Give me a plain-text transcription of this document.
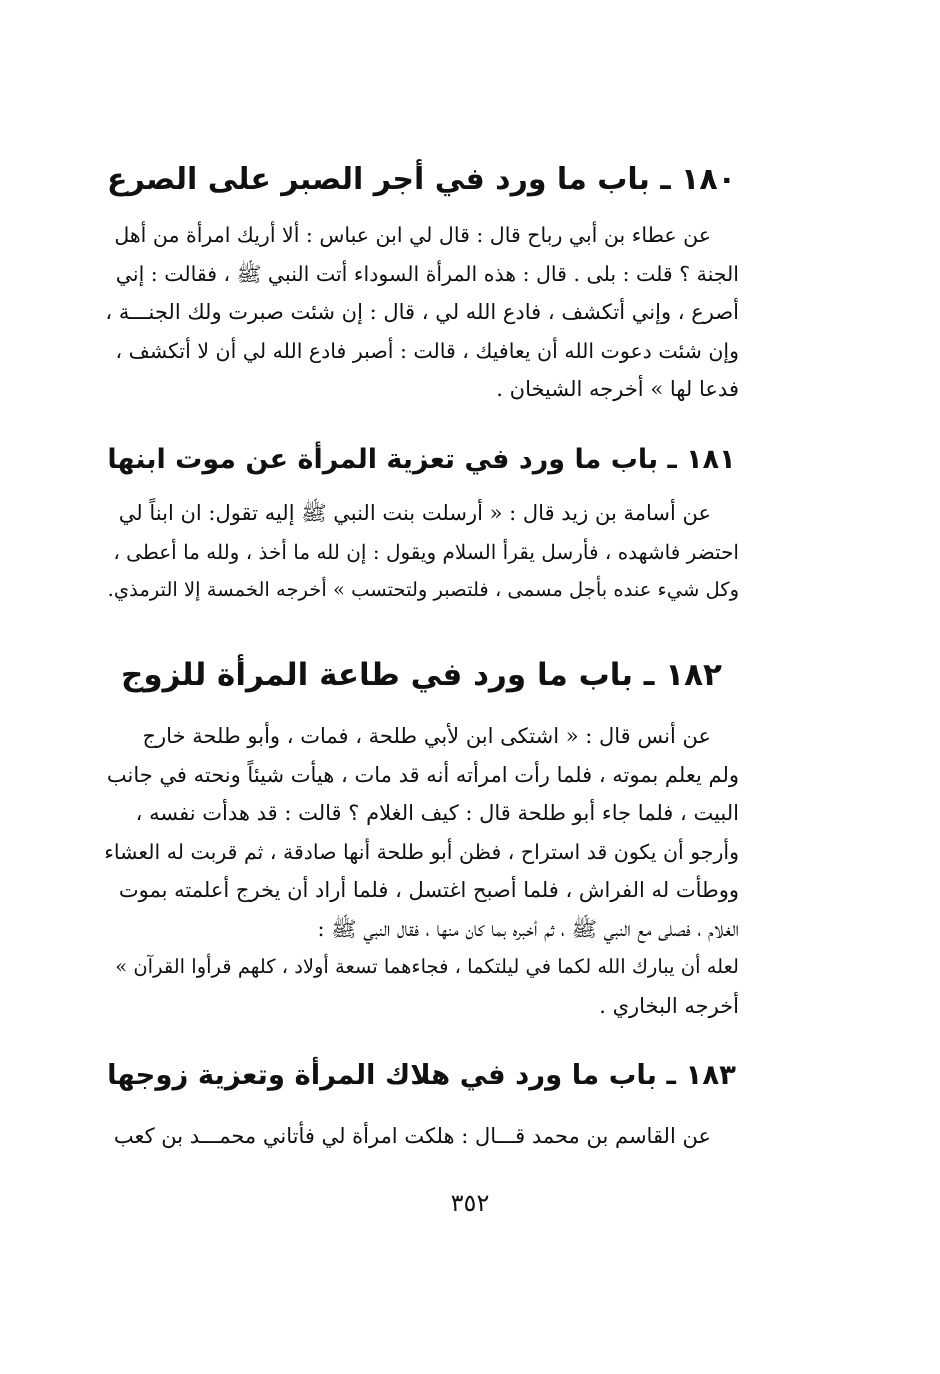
١٨٠ ـ باب ما ورد في أجر الصبر على الصرع
عن عطاء بن أبي رباح قال : قال لي ابن عباس : ألا أريك امرأة من أهل
الجنة ؟ قلت : بلى . قال : هذه المرأة السوداء أتت النبي ﷺ ، فقالت : إني
أصرع ، وإني أتكشف ، فادع الله لي ، قال : إن شئت صبرت ولك الجنـــة ،
وإن شئت دعوت الله أن يعافيك ، قالت : أصبر فادع الله لي أن لا أتكشف ،
فدعا لها » أخرجه الشيخان .
١٨١ ـ باب ما ورد في تعزية المرأة عن موت ابنها
عن أسامة بن زيد قال : « أرسلت بنت النبي ﷺ إليه تقول: ان ابناً لي
احتضر فاشهده ، فأرسل يقرأ السلام ويقول : إن لله ما أخذ ، ولله ما أعطى ،
وكل شيء عنده بأجل مسمى ، فلتصبر ولتحتسب » أخرجه الخمسة إلا الترمذي.
١٨٢ ـ باب ما ورد في طاعة المرأة للزوج
عن أنس قال : « اشتكى ابن لأبي طلحة ، فمات ، وأبو طلحة خارج
ولم يعلم بموته ، فلما رأت امرأته أنه قد مات ، هيأت شيئاً ونحته في جانب
البيت ، فلما جاء أبو طلحة قال : كيف الغلام ؟ قالت : قد هدأت نفسه ،
وأرجو أن يكون قد استراح ، فظن أبو طلحة أنها صادقة ، ثم قربت له العشاء
ووطأت له الفراش ، فلما أصبح اغتسل ، فلما أراد أن يخرج أعلمته بموت
الغلام ، فصلى مع النبي ﷺ ، ثم أخبره بما كان منها ، فقال النبي ﷺ :
لعله أن يبارك الله لكما في ليلتكما ، فجاءهما تسعة أولاد ، كلهم قرأوا القرآن »
أخرجه البخاري .
١٨٣ ـ باب ما ورد في هلاك المرأة وتعزية زوجها
عن القاسم بن محمد قـــال : هلكت امرأة لي فأتاني محمـــد بن كعب
٣٥٢
